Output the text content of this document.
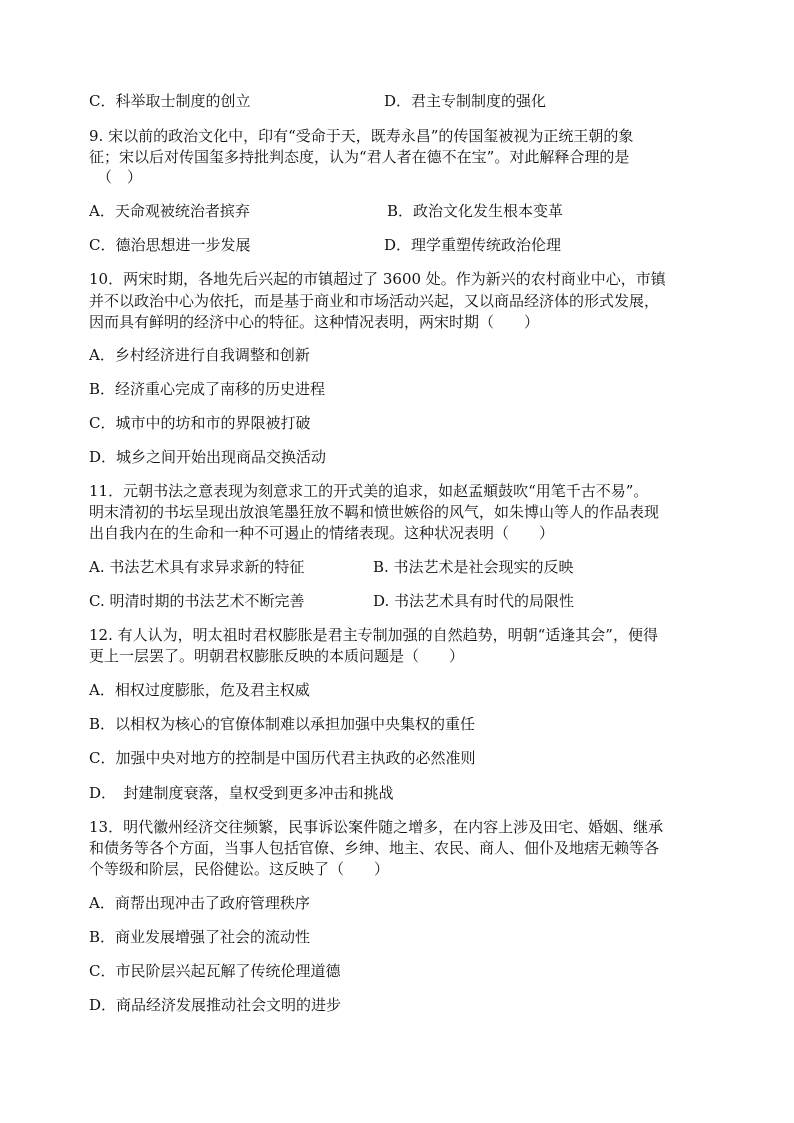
C．科举取士制度的创立	D．君主专制制度的强化
9. 宋以前的政治文化中，印有“受命于天，既寿永昌”的传国玺被视为正统王朝的象
征；宋以后对传国玺多持批判态度，认为“君人者在德不在宝”。对此解释合理的是
（　）
A．天命观被统治者摈弃	B．政治文化发生根本变革
C．德治思想进一步发展	D．理学重塑传统政治伦理
10．两宋时期，各地先后兴起的市镇超过了 3600 处。作为新兴的农村商业中心，市镇
并不以政治中心为依托，而是基于商业和市场活动兴起，又以商品经济体的形式发展，
因而具有鲜明的经济中心的特征。这种情况表明，两宋时期（　　）
A．乡村经济进行自我调整和创新
B．经济重心完成了南移的历史进程
C．城市中的坊和市的界限被打破
D．城乡之间开始出现商品交换活动
11．元朝书法之意表现为刻意求工的开式美的追求，如赵孟頫鼓吹“用笔千古不易”。
明末清初的书坛呈现出放浪笔墨狂放不羁和愤世嫉俗的风气，如朱博山等人的作品表现
出自我内在的生命和一种不可遏止的情绪表现。这种状况表明（　　）
A. 书法艺术具有求异求新的特征	B. 书法艺术是社会现实的反映
C. 明清时期的书法艺术不断完善	D. 书法艺术具有时代的局限性
12. 有人认为，明太祖时君权膨胀是君主专制加强的自然趋势，明朝“适逢其会”，便得
更上一层罢了。明朝君权膨胀反映的本质问题是（　　）
A．相权过度膨胀，危及君主权威
B．以相权为核心的官僚体制难以承担加强中央集权的重任
C．加强中央对地方的控制是中国历代君主执政的必然准则
D．　封建制度衰落，皇权受到更多冲击和挑战
13．明代徽州经济交往频繁，民事诉讼案件随之增多，在内容上涉及田宅、婚姻、继承
和债务等各个方面，当事人包括官僚、乡绅、地主、农民、商人、佃仆及地痞无赖等各
个等级和阶层，民俗健讼。这反映了（　　）
A．商帮出现冲击了政府管理秩序
B．商业发展增强了社会的流动性
C．市民阶层兴起瓦解了传统伦理道德
D．商品经济发展推动社会文明的进步
